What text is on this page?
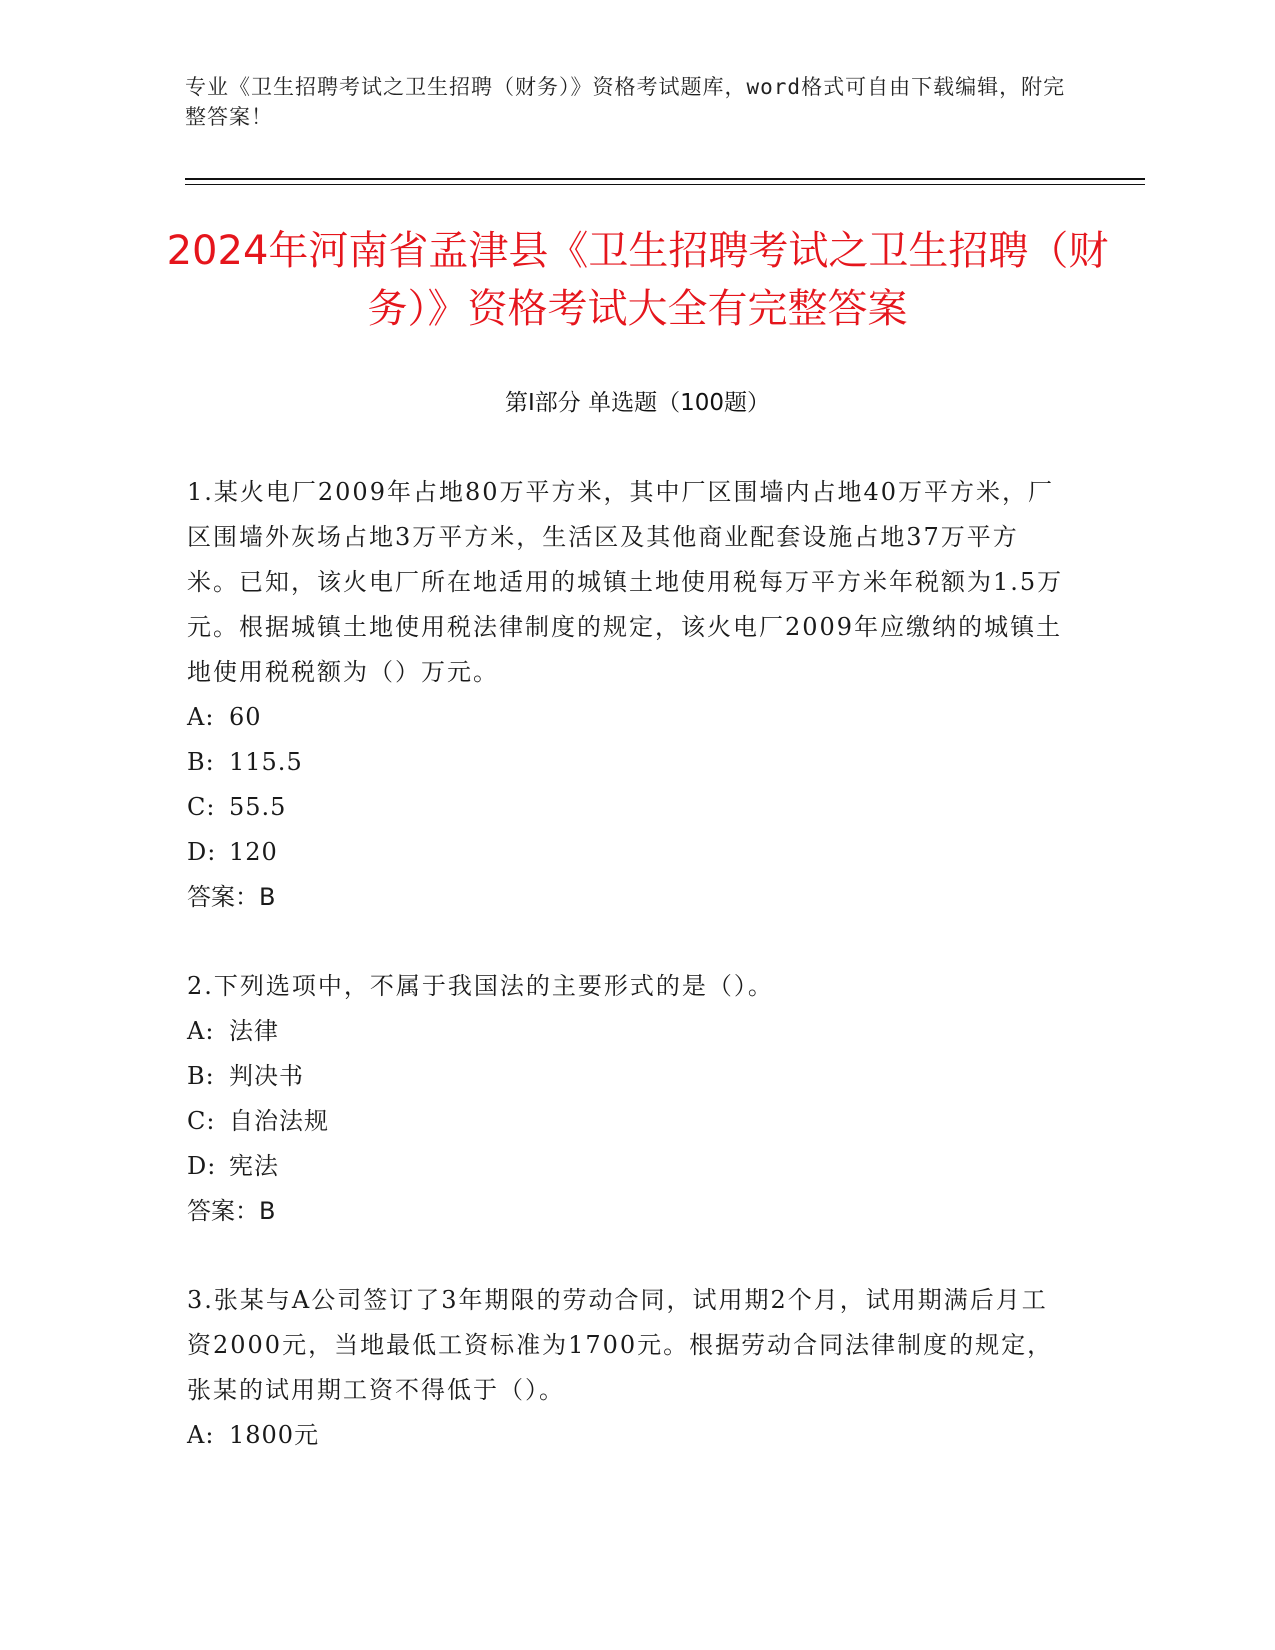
专业《卫生招聘考试之卫生招聘（财务）》资格考试题库，word格式可自由下载编辑，附完整答案！
2024年河南省孟津县《卫生招聘考试之卫生招聘（财务）》资格考试大全有完整答案
第I部分 单选题（100题）

1.某火电厂2009年占地80万平方米，其中厂区围墙内占地40万平方米，厂区围墙外灰场占地3万平方米，生活区及其他商业配套设施占地37万平方米。已知，该火电厂所在地适用的城镇土地使用税每万平方米年税额为1.5万元。根据城镇土地使用税法律制度的规定，该火电厂2009年应缴纳的城镇土地使用税税额为（）万元。

A: 60

B: 115.5

C: 55.5

D: 120

答案：B

2.下列选项中，不属于我国法的主要形式的是（）。

A: 法律

B: 判决书

C: 自治法规

D: 宪法

答案：B

3.张某与A公司签订了3年期限的劳动合同，试用期2个月，试用期满后月工资2000元，当地最低工资标准为1700元。根据劳动合同法律制度的规定，张某的试用期工资不得低于（）。

A: 1800元
